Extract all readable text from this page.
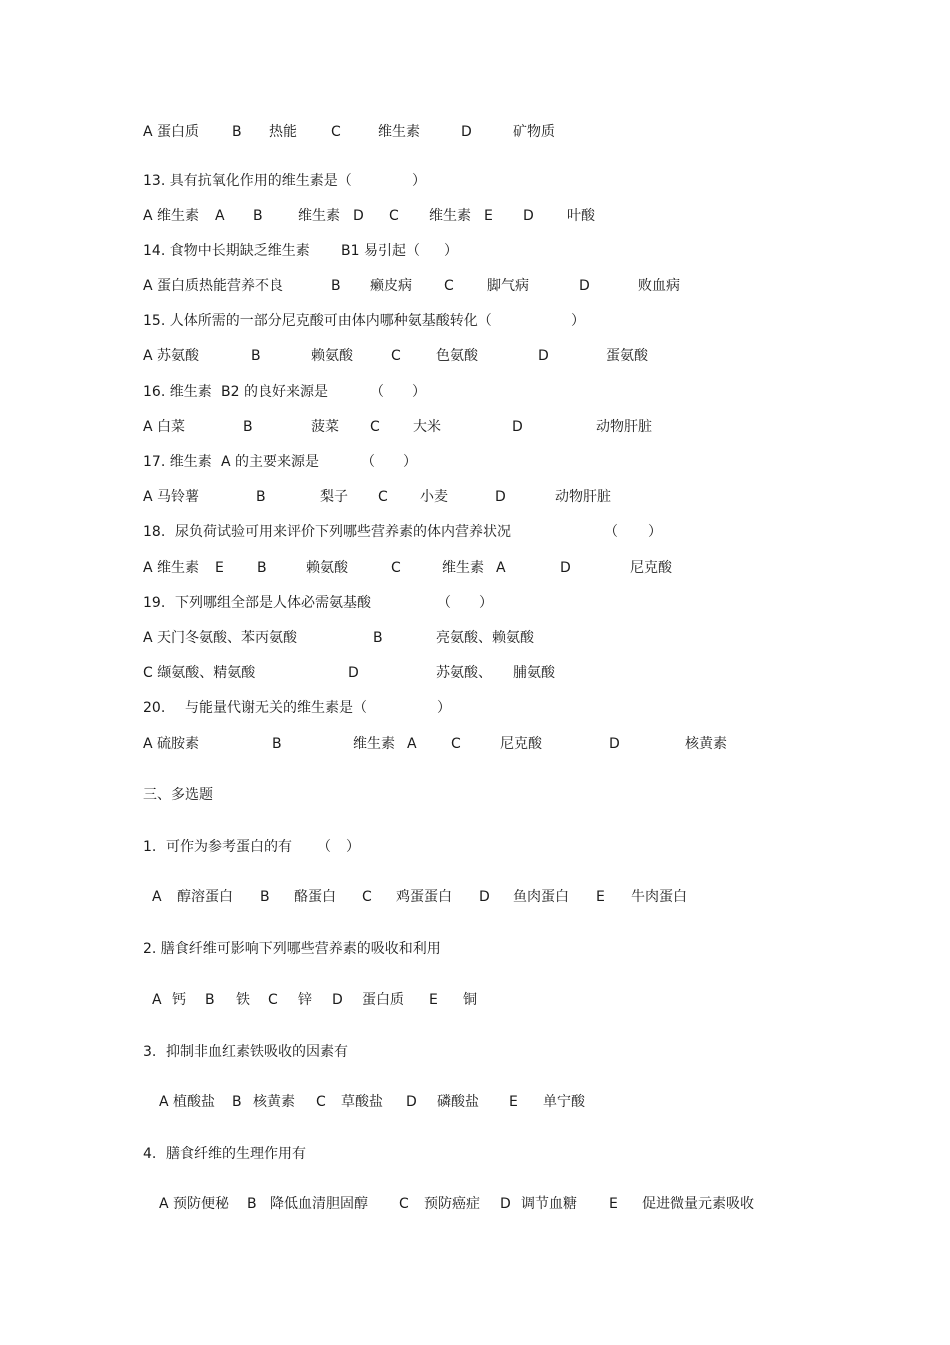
A 蛋白质 B 热能 C	维生素	D	矿物质
13. 具有抗氧化作用的维生素是（	）
A 维生素 A B	维生素 D C 维生素 E D 叶酸
14. 食物中长期缺乏维生素 B1 易引起（ ）
A 蛋白质热能营养不良	B 癞皮病 C 脚气病	D	败血病
15. 人体所需的一部分尼克酸可由体内哪种氨基酸转化（	）
A 苏氨酸	B	赖氨酸	C	色氨酸	D	蛋氨酸
16. 维生素 B2 的良好来源是	（ ）
A 白菜	B	菠菜 C 大米	D	动物肝脏
17. 维生素 A 的主要来源是	（ ）
A 马铃薯	B	梨子 C 小麦	D	动物肝脏
18. 尿负荷试验可用来评价下列哪些营养素的体内营养状况	（ ）
A 维生素 E B	赖氨酸	C	维生素 A	D	尼克酸
19. 下列哪组全部是人体必需氨基酸	（ ）
A 天门冬氨酸、苯丙氨酸	B	亮氨酸、赖氨酸
C 缬氨酸、精氨酸	D	苏氨酸、 脯氨酸
20. 与能量代谢无关的维生素是（	）
A 硫胺素	B	维生素 A C	尼克酸	D	核黄素
三、多选题
1. 可作为参考蛋白的有 （ ）
A 醇溶蛋白 B 酪蛋白 C 鸡蛋蛋白 D 鱼肉蛋白 E 牛肉蛋白
2. 膳食纤维可影响下列哪些营养素的吸收和利用
A 钙 B 铁 C 锌 D 蛋白质 E 铜
3. 抑制非血红素铁吸收的因素有
A 植酸盐 B 核黄素 C 草酸盐 D 磷酸盐 E 单宁酸
4. 膳食纤维的生理作用有
A 预防便秘 B 降低血清胆固醇 C 预防癌症 D 调节血糖 E 促进微量元素吸收
